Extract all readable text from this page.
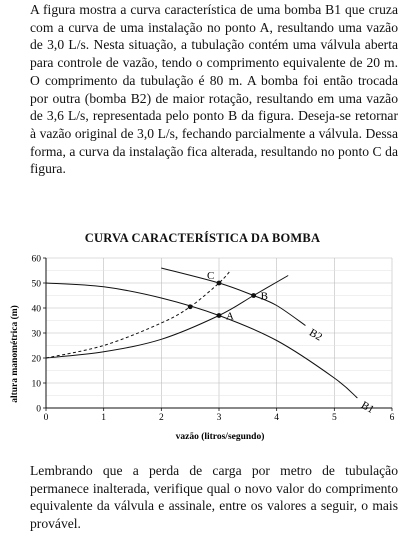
A figura mostra a curva característica de uma bomba B1 que cruza com a curva de uma instalação no ponto A, resultando uma vazão de 3,0 L/s. Nesta situação, a tubulação contém uma válvula aberta para controle de vazão, tendo o comprimento equivalente de 20 m. O comprimento da tubulação é 80 m. A bomba foi então trocada por outra (bomba B2) de maior rotação, resultando em uma vazão de 3,6 L/s, representada pelo ponto B da figura. Deseja-se retornar à vazão original de 3,0 L/s, fechando parcialmente a válvula. Dessa forma, a curva da instalação fica alterada, resultando no ponto C da figura.

CURVA CARACTERÍSTICA DA BOMBA
0	1	2	3	4	5	6
0
10
20
30
40
50
60
A
B
C
B1
B2
altura manométrica (m)
vazão (litros/segundo)

Lembrando que a perda de carga por metro de tubulação permanece inalterada, verifique qual o novo valor do comprimento equivalente da válvula e assinale, entre os valores a seguir, o mais provável.
